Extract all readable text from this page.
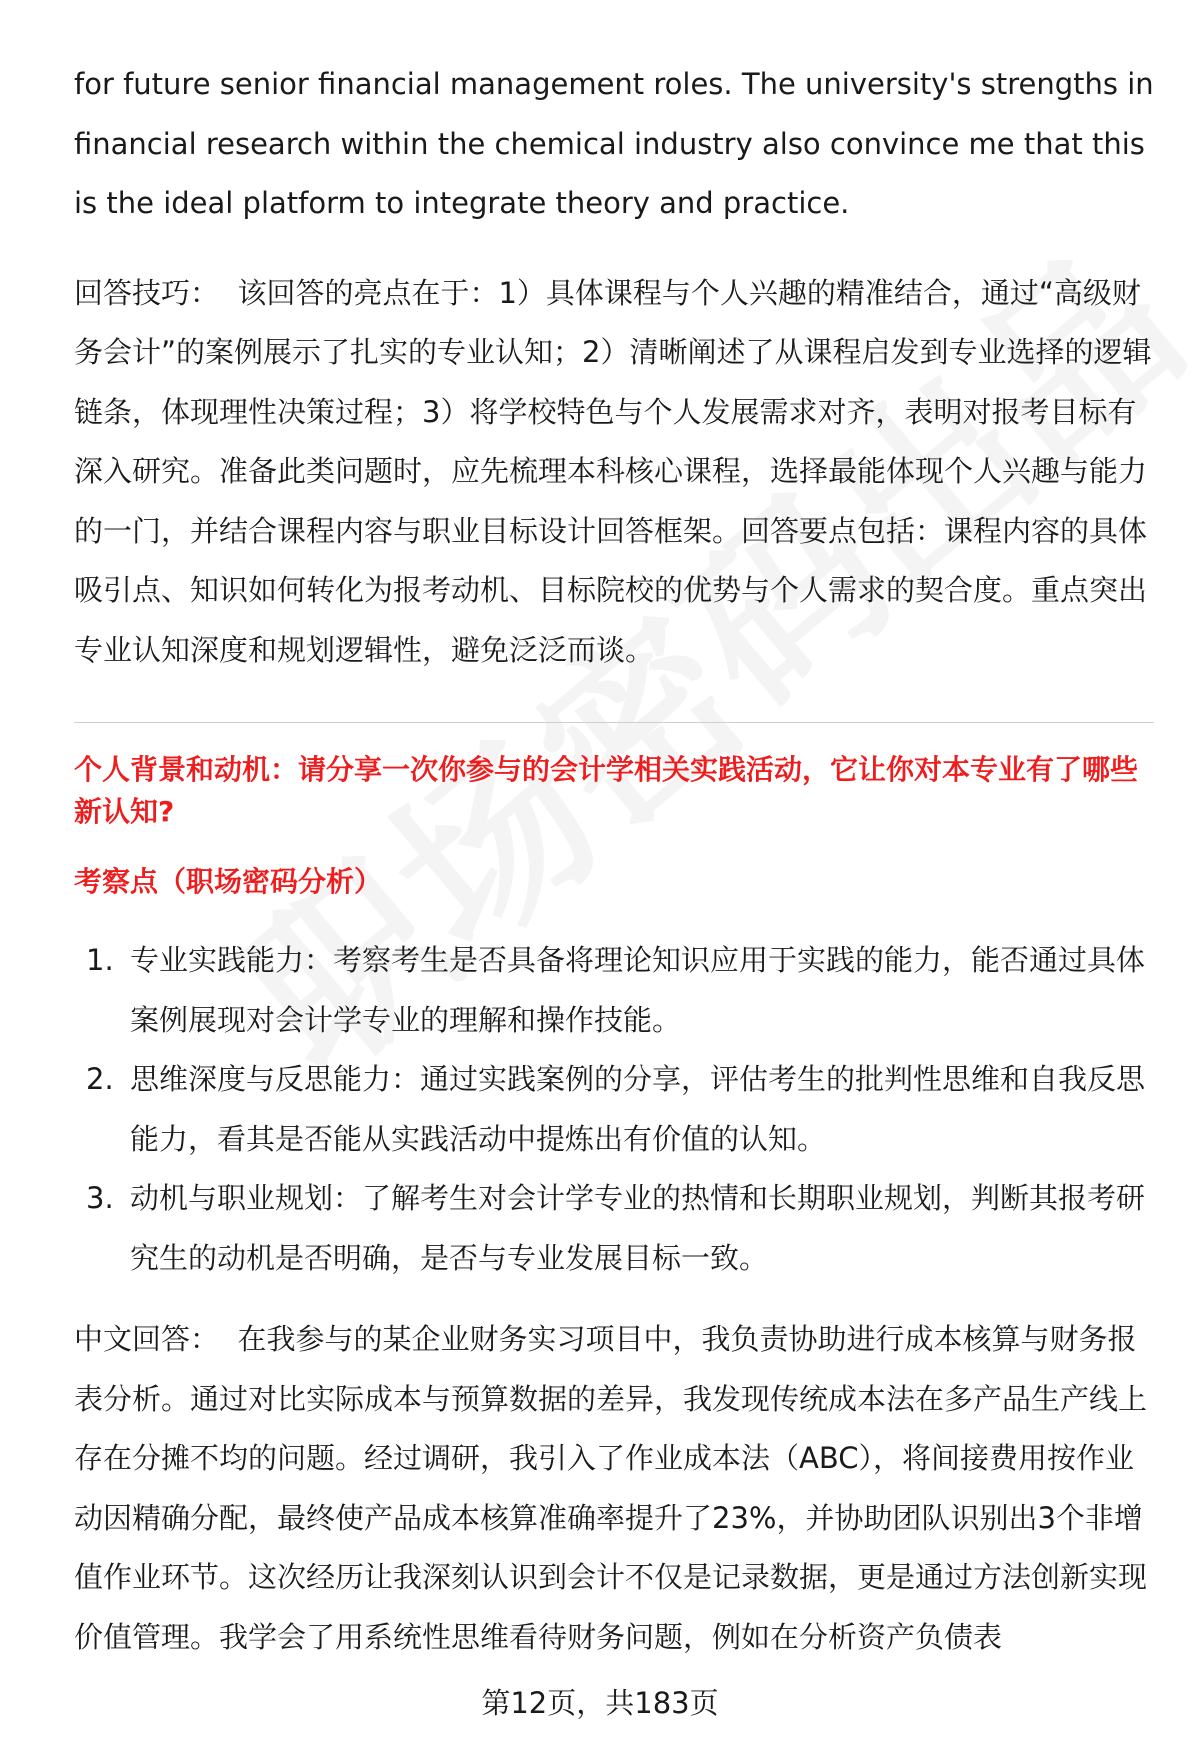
for future senior financial management roles. The university's strengths in financial research within the chemical industry also convince me that this is the ideal platform to integrate theory and practice.

回答技巧： 该回答的亮点在于：1）具体课程与个人兴趣的精准结合，通过“高级财务会计”的案例展示了扎实的专业认知；2）清晰阐述了从课程启发到专业选择的逻辑链条，体现理性决策过程；3）将学校特色与个人发展需求对齐，表明对报考目标有深入研究。准备此类问题时，应先梳理本科核心课程，选择最能体现个人兴趣与能力的一门，并结合课程内容与职业目标设计回答框架。回答要点包括：课程内容的具体吸引点、知识如何转化为报考动机、目标院校的优势与个人需求的契合度。重点突出专业认知深度和规划逻辑性，避免泛泛而谈。

个人背景和动机：请分享一次你参与的会计学相关实践活动，它让你对本专业有了哪些新认知?

考察点（职场密码分析）

1. 专业实践能力：考察考生是否具备将理论知识应用于实践的能力，能否通过具体案例展现对会计学专业的理解和操作技能。
2. 思维深度与反思能力：通过实践案例的分享，评估考生的批判性思维和自我反思能力，看其是否能从实践活动中提炼出有价值的认知。
3. 动机与职业规划：了解考生对会计学专业的热情和长期职业规划，判断其报考研究生的动机是否明确，是否与专业发展目标一致。

中文回答： 在我参与的某企业财务实习项目中，我负责协助进行成本核算与财务报表分析。通过对比实际成本与预算数据的差异，我发现传统成本法在多产品生产线上存在分摊不均的问题。经过调研，我引入了作业成本法（ABC），将间接费用按作业动因精确分配，最终使产品成本核算准确率提升了23%，并协助团队识别出3个非增值作业环节。这次经历让我深刻认识到会计不仅是记录数据，更是通过方法创新实现价值管理。我学会了用系统性思维看待财务问题，例如在分析资产负债表

第12页，共183页
